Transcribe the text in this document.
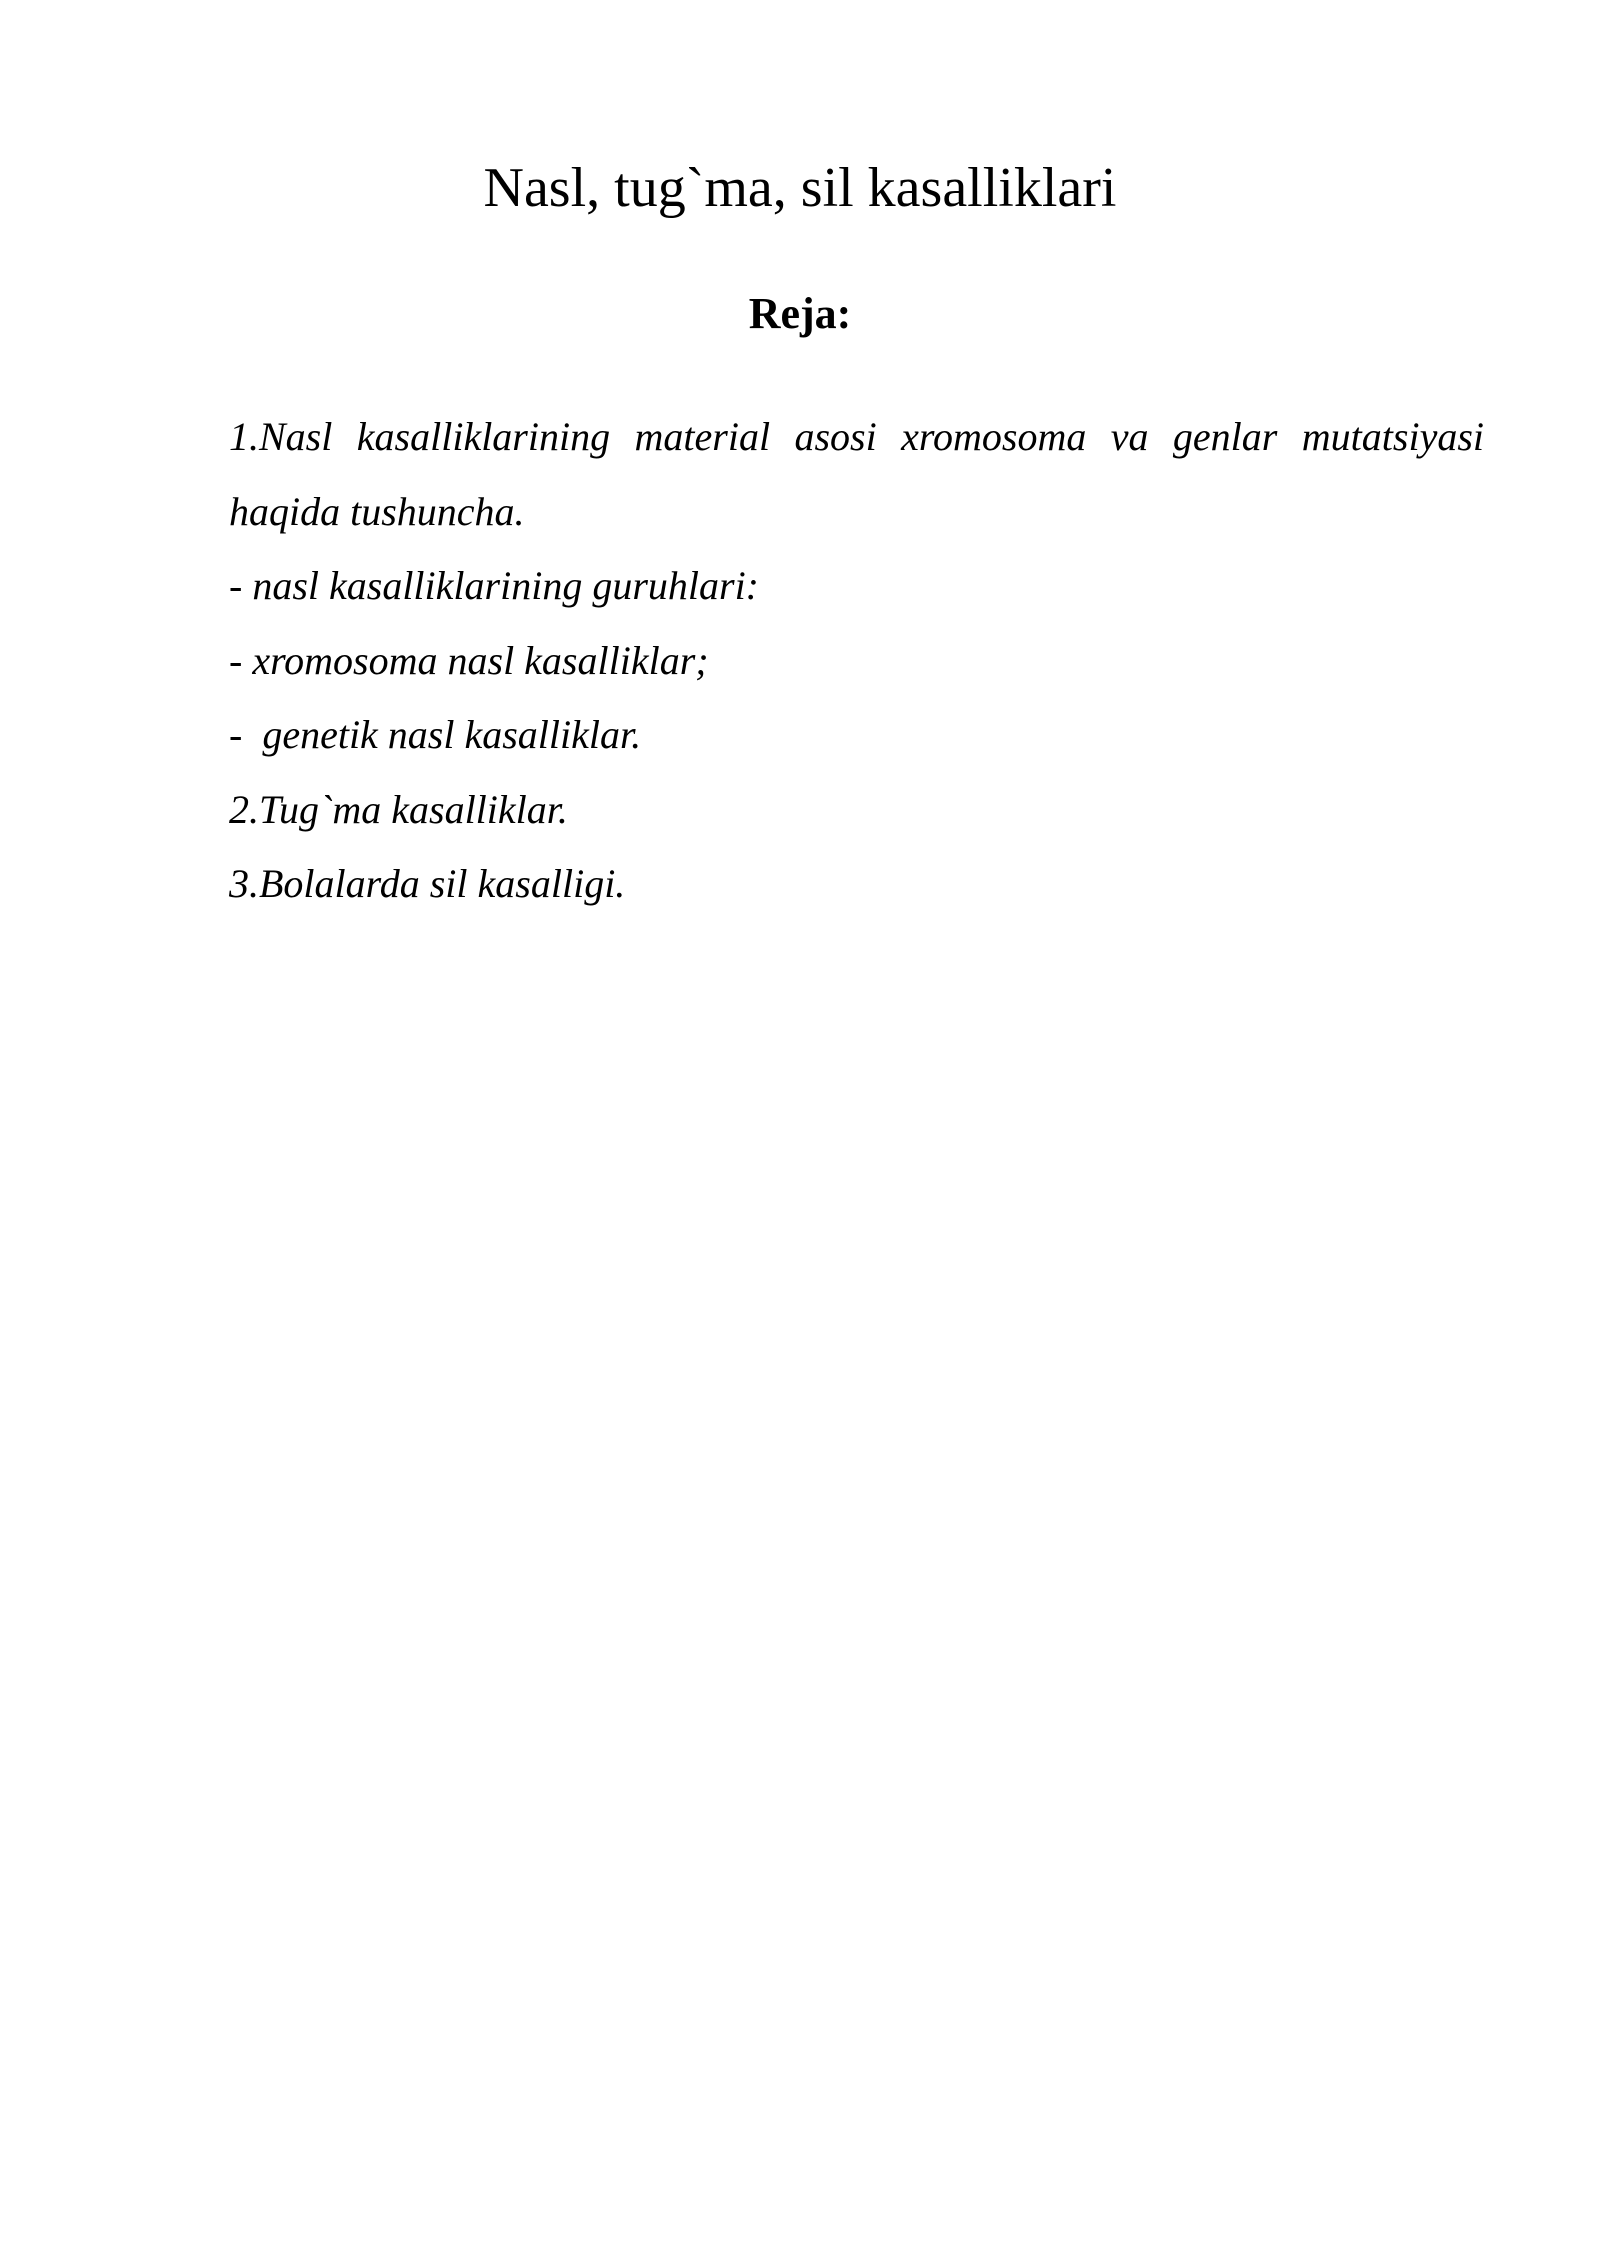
Nasl, tug`ma, sil kasalliklari
Reja:
1.Nasl kasalliklarining material asosi xromosoma va genlar mutatsiyasi
haqida tushuncha.
- nasl kasalliklarining guruhlari:
- xromosoma nasl kasalliklar;
-  genetik nasl kasalliklar.
2.Tug`ma kasalliklar.
3.Bolalarda sil kasalligi.
